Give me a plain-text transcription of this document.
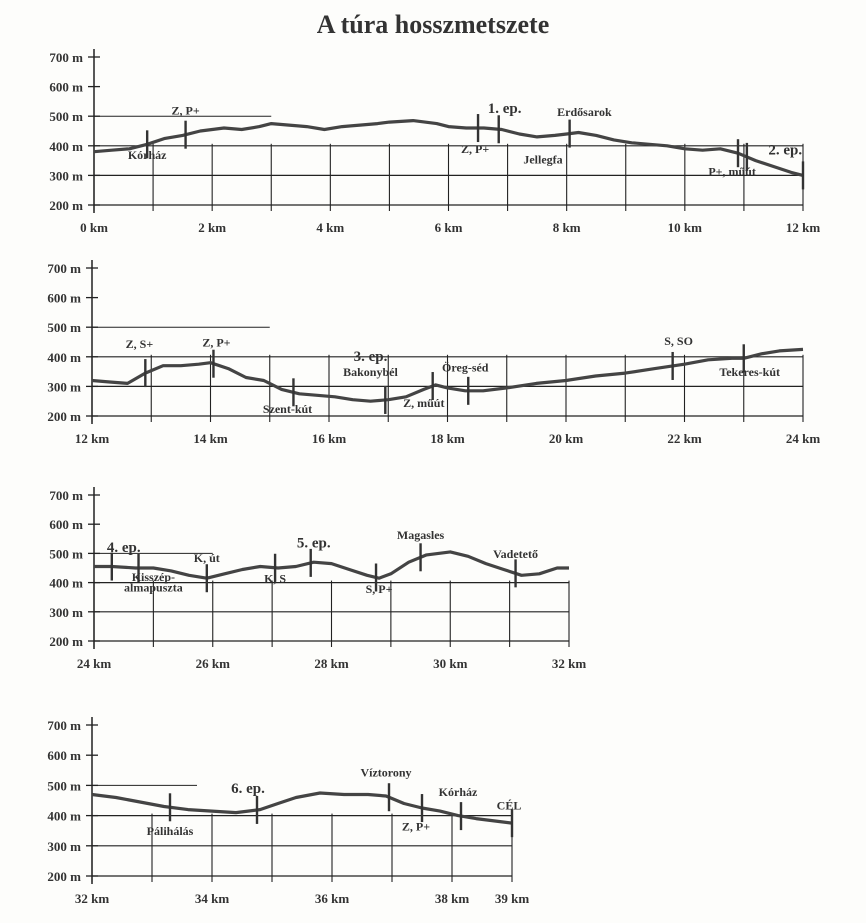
A túra hosszmetszete
700 m
600 m
500 m
400 m
300 m
200 m
0 km	2 km	4 km	6 km	8 km	10 km	12 km
Kórház
Z, P+	1. ep.
Z, P+
Erdősarok
Jellegfa
P+, műút
2. ep.
700 m
600 m
500 m
400 m
300 m
200 m
12 km	14 km	16 km	18 km	20 km	22 km	24 km
Z, S+	Z, P+
Szent-kút
3. ep.
Bakonybél	Öreg-séd
Z, műút
S, SO
Tekeres-kút
700 m
600 m
500 m
400 m
300 m
200 m
24 km	26 km	28 km	30 km	32 km
4. ep.
Kisszép-
almapuszta
K, út
K, S
5. ep.
Magasles
S, P+
Vadetető
700 m
600 m
500 m
400 m
300 m
200 m
32 km	34 km	36 km	38 km 39 km
Pálihálás
6. ep.
Víztorony
Kórház
Z, P+
CÉL
